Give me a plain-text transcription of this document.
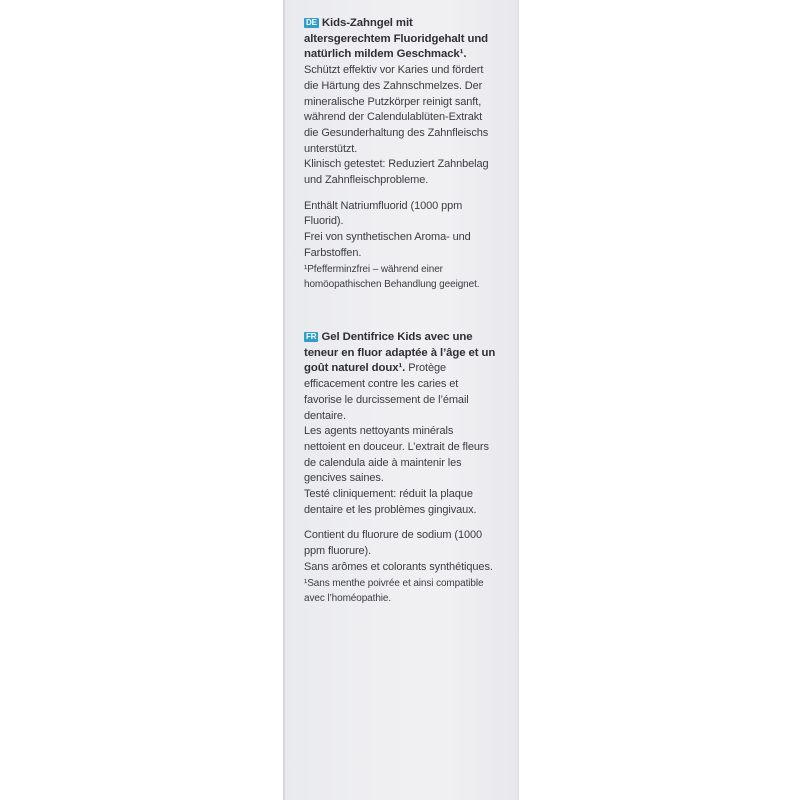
DE Kids-Zahngel mit altersgerechtem Fluoridgehalt und natürlich mildem Geschmack¹. Schützt effektiv vor Karies und fördert die Härtung des Zahnschmelzes. Der mineralische Putzkörper reinigt sanft, während der Calendulablüten-Extrakt die Gesunderhaltung des Zahnfleischs unterstützt.
Klinisch getestet: Reduziert Zahnbelag und Zahnfleischprobleme.
Enthält Natriumfluorid (1000 ppm Fluorid).
Frei von synthetischen Aroma- und Farbstoffen.
¹Pfefferminzfrei – während einer homöopathischen Behandlung geeignet.
FR Gel Dentifrice Kids avec une teneur en fluor adaptée à l’âge et un goût naturel doux¹. Protège efficacement contre les caries et favorise le durcissement de l’émail dentaire.
Les agents nettoyants minérals nettoient en douceur. L’extrait de fleurs de calendula aide à maintenir les gencives saines.
Testé cliniquement: réduit la plaque dentaire et les problèmes gingivaux.
Contient du fluorure de sodium (1000 ppm fluorure).
Sans arômes et colorants synthétiques.
¹Sans menthe poivrée et ainsi compatible avec l’homéopathie.
